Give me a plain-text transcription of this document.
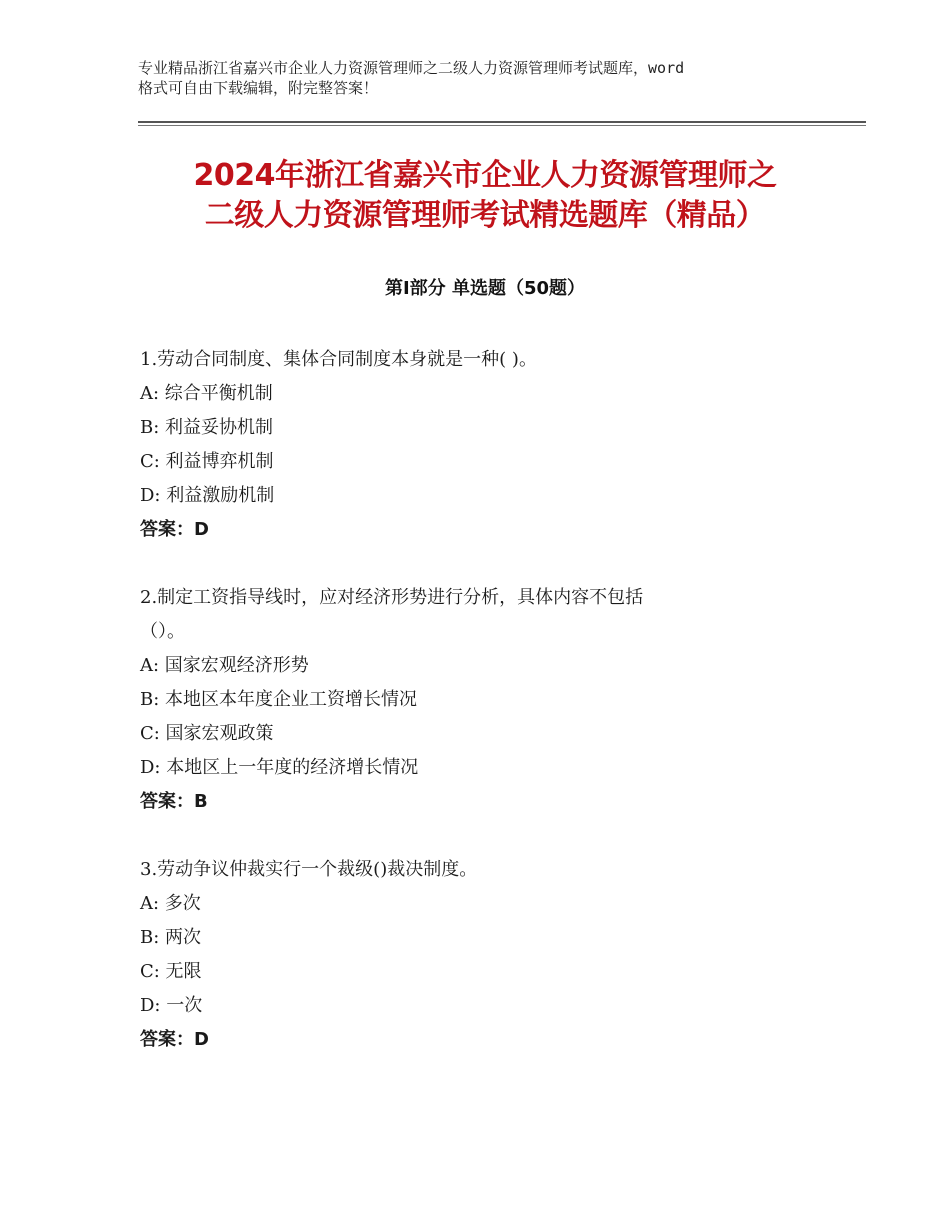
专业精品浙江省嘉兴市企业人力资源管理师之二级人力资源管理师考试题库，word
格式可自由下载编辑，附完整答案！
2024年浙江省嘉兴市企业人力资源管理师之
二级人力资源管理师考试精选题库（精品）
第Ⅰ部分 单选题（50题）

1.劳动合同制度、集体合同制度本身就是一种( )。

A: 综合平衡机制

B: 利益妥协机制

C: 利益博弈机制

D: 利益激励机制

答案：D

2.制定工资指导线时，应对经济形势进行分析，具体内容不包括

（）。

A: 国家宏观经济形势

B: 本地区本年度企业工资增长情况

C: 国家宏观政策

D: 本地区上一年度的经济增长情况

答案：B

3.劳动争议仲裁实行一个裁级()裁决制度。

A: 多次

B: 两次

C: 无限

D: 一次

答案：D
